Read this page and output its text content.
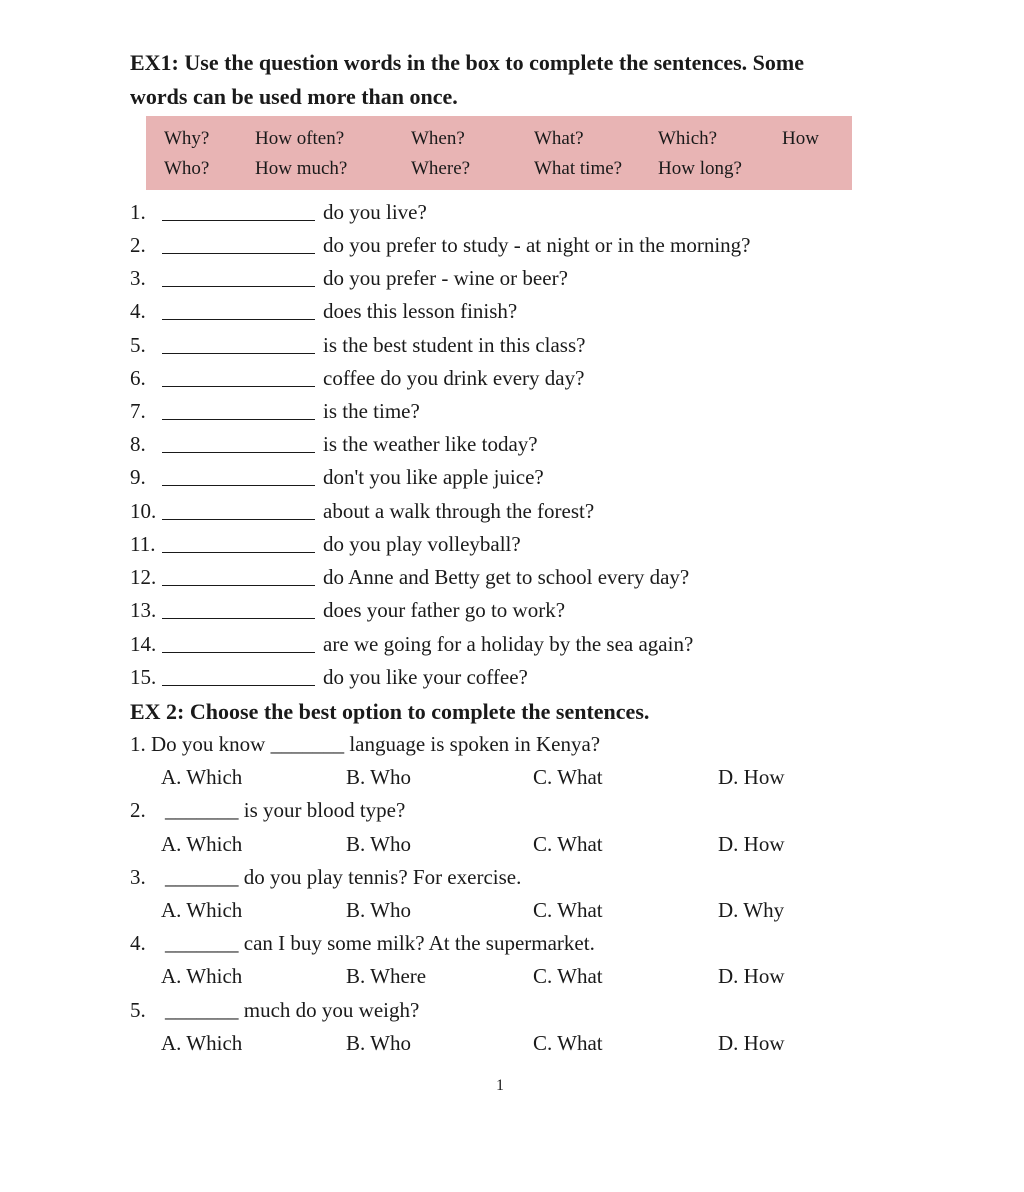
EX1: Use the question words in the box to complete the sentences. Some
words can be used more than once.
Why? How often?	When?	What?	Which?	How
Who? How much?	Where?	What time? How long?
1.	do you live?
2.	do you prefer to study - at night or in the morning?
3.	do you prefer - wine or beer?
4.	does this lesson finish?
5.	is the best student in this class?
6.	coffee do you drink every day?
7.	is the time?
8.	is the weather like today?
9.	don't you like apple juice?
10.	about a walk through the forest?
11.	do you play volleyball?
12.	do Anne and Betty get to school every day?
13.	does your father go to work?
14.	are we going for a holiday by the sea again?
15.	do you like your coffee?
EX 2: Choose the best option to complete the sentences.
1. Do you know _______ language is spoken in Kenya?
A. Which	B. Who	C. What	D. How
2. _______ is your blood type?
A. Which	B. Who	C. What	D. How
3. _______ do you play tennis? For exercise.
A. Which	B. Who	C. What	D. Why
4. _______ can I buy some milk? At the supermarket.
A. Which	B. Where	C. What	D. How
5. _______ much do you weigh?
A. Which	B. Who	C. What	D. How
1
